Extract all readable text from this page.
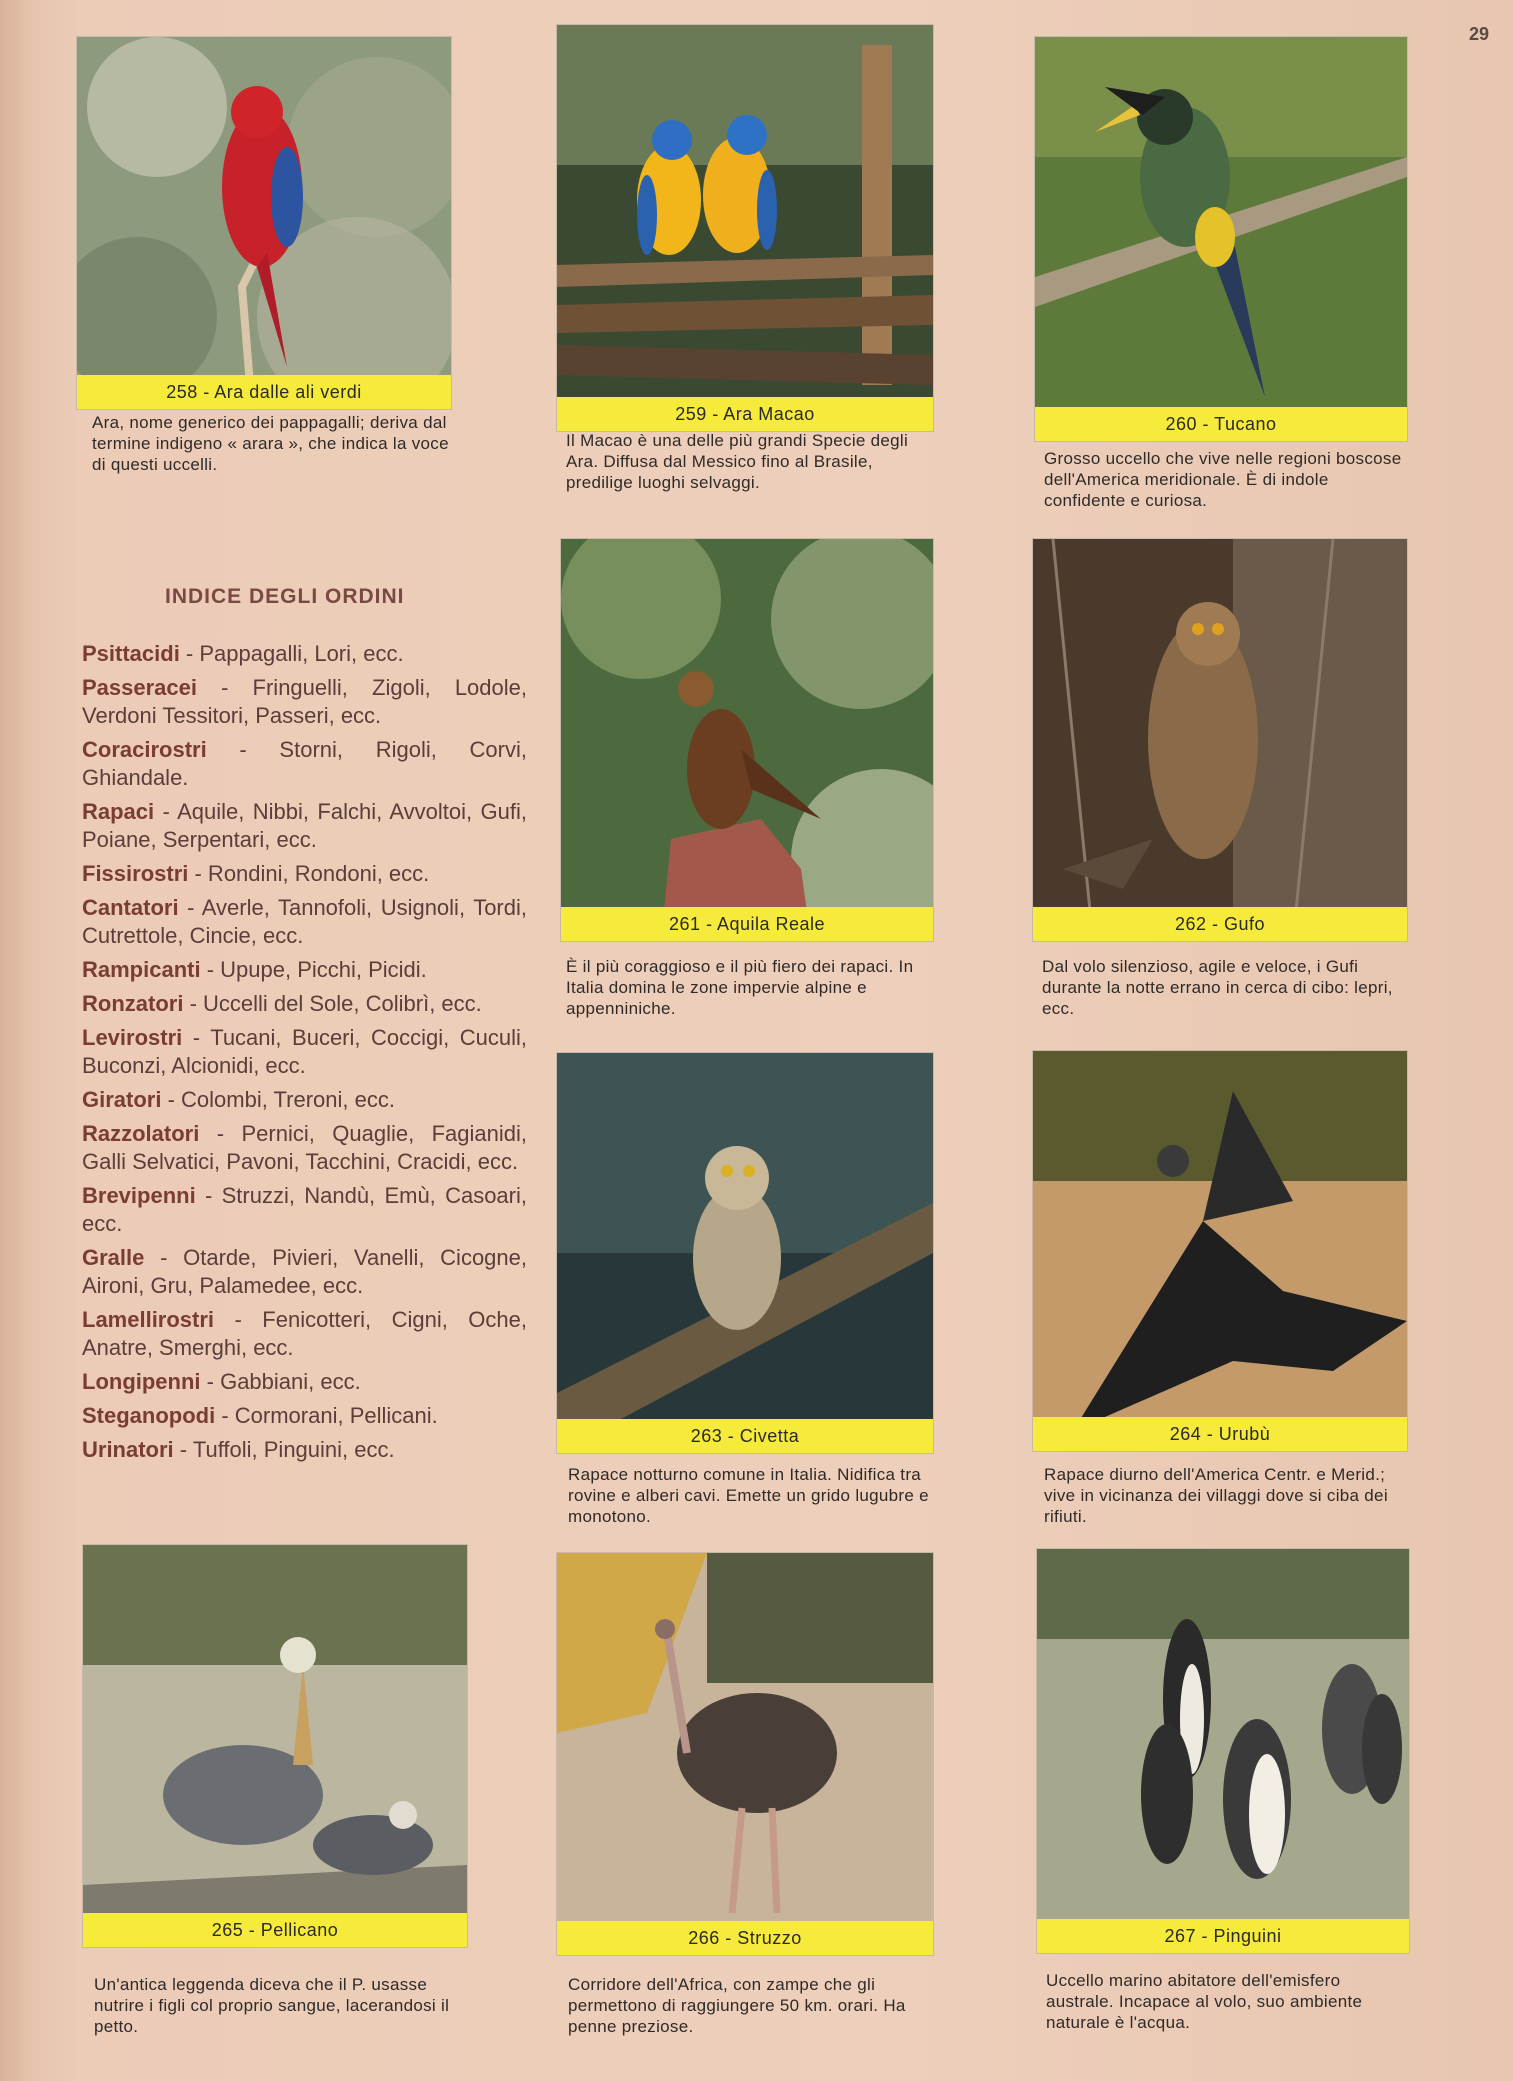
29
258 - Ara dalle ali verdi
Ara, nome generico dei pappagalli; deriva dal termine indigeno « arara », che indica la voce di questi uccelli.
259 - Ara Macao
Il Macao è una delle più grandi Specie degli Ara. Diffusa dal Messico fino al Brasile, predilige luoghi selvaggi.
260 - Tucano
Grosso uccello che vive nelle regioni boscose dell'America meridionale. È di indole confidente e curiosa.
INDICE DEGLI ORDINI
Psittacidi - Pappagalli, Lori, ecc.
Passeracei - Fringuelli, Zigoli, Lodole, Verdoni Tessitori, Passeri, ecc.
Coracirostri - Storni, Rigoli, Corvi, Ghiandale.
Rapaci - Aquile, Nibbi, Falchi, Avvoltoi, Gufi, Poiane, Serpentari, ecc.
Fissirostri - Rondini, Rondoni, ecc.
Cantatori - Averle, Tannofoli, Usignoli, Tordi, Cutrettole, Cincie, ecc.
Rampicanti - Upupe, Picchi, Picidi.
Ronzatori - Uccelli del Sole, Colibrì, ecc.
Levirostri - Tucani, Buceri, Coccigi, Cuculi, Buconzi, Alcionidi, ecc.
Giratori - Colombi, Treroni, ecc.
Razzolatori - Pernici, Quaglie, Fagianidi, Galli Selvatici, Pavoni, Tacchini, Cracidi, ecc.
Brevipenni - Struzzi, Nandù, Emù, Casoari, ecc.
Gralle - Otarde, Pivieri, Vanelli, Cicogne, Aironi, Gru, Palamedee, ecc.
Lamellirostri - Fenicotteri, Cigni, Oche, Anatre, Smerghi, ecc.
Longipenni - Gabbiani, ecc.
Steganopodi - Cormorani, Pellicani.
Urinatori - Tuffoli, Pinguini, ecc.
261 - Aquila Reale
È il più coraggioso e il più fiero dei rapaci. In Italia domina le zone impervie alpine e appenniniche.
262 - Gufo
Dal volo silenzioso, agile e veloce, i Gufi durante la notte errano in cerca di cibo: lepri, ecc.
263 - Civetta
Rapace notturno comune in Italia. Nidifica tra rovine e alberi cavi. Emette un grido lugubre e monotono.
264 - Urubù
Rapace diurno dell'America Centr. e Merid.; vive in vicinanza dei villaggi dove si ciba dei rifiuti.
265 - Pellicano
Un'antica leggenda diceva che il P. usasse nutrire i figli col proprio sangue, lacerandosi il petto.
266 - Struzzo
Corridore dell'Africa, con zampe che gli permettono di raggiungere 50 km. orari. Ha penne preziose.
267 - Pinguini
Uccello marino abitatore dell'emisfero australe. Incapace al volo, suo ambiente naturale è l'acqua.
